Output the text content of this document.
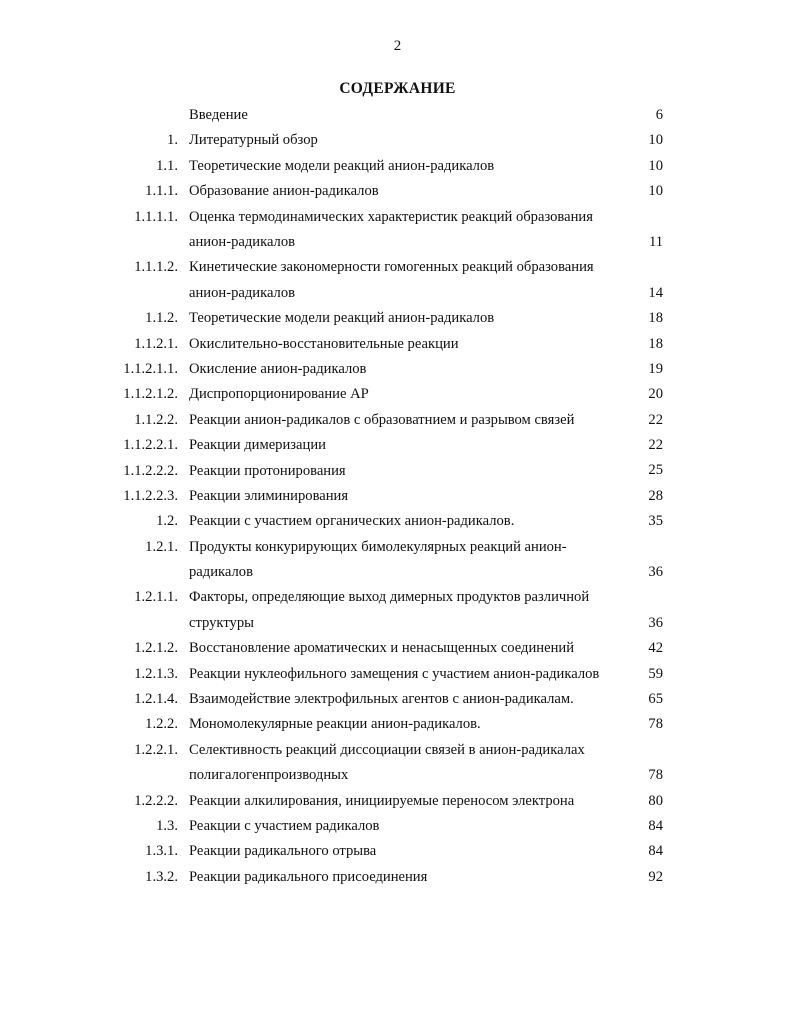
2
СОДЕРЖАНИЕ
Введение	6
1. Литературный обзор	10
1.1. Теоретические модели реакций анион-радикалов	10
1.1.1. Образование анион-радикалов	10
1.1.1.1. Оценка термодинамических характеристик реакций образования анион-радикалов	11
1.1.1.2. Кинетические закономерности гомогенных реакций образования анион-радикалов	14
1.1.2. Теоретические модели реакций анион-радикалов	18
1.1.2.1. Окислительно-восстановительные реакции	18
1.1.2.1.1. Окисление анион-радикалов	19
1.1.2.1.2. Диспропорционирование АР	20
1.1.2.2. Реакции анион-радикалов с образоватнием и разрывом связей	22
1.1.2.2.1. Реакции димеризации	22
1.1.2.2.2. Реакции протонирования	25
1.1.2.2.3. Реакции элиминирования	28
1.2. Реакции с участием органических анион-радикалов.	35
1.2.1. Продукты конкурирующих бимолекулярных реакций анион-радикалов	36
1.2.1.1. Факторы, определяющие выход димерных продуктов различной структуры	36
1.2.1.2. Восстановление ароматических и ненасыщенных соединений	42
1.2.1.3. Реакции нуклеофильного замещения с участием анион-радикалов	59
1.2.1.4. Взаимодействие электрофильных агентов с анион-радикалам.	65
1.2.2. Мономолекулярные реакции анион-радикалов.	78
1.2.2.1. Селективность реакций диссоциации связей в анион-радикалах полигалогенпроизводных	78
1.2.2.2. Реакции алкилирования, инициируемые переносом электрона	80
1.3. Реакции с участием радикалов	84
1.3.1. Реакции радикального отрыва	84
1.3.2. Реакции радикального присоединения	92
